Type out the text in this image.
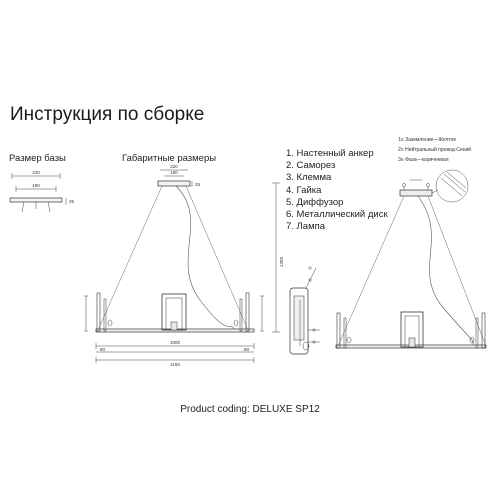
Инструкция по сборке
Размер базы	Габаритные размеры	1. Настенный анкер
2. Саморез
3. Клемма
4. Гайка
5. Диффузор
6. Металлический диск
7. Лампа
1≡ Заземление—Желтое
2≡ Нейтральный провод-Синий
3≡ Фаза—коричневая
220
190
25
220
190
25
1350
1000
80	80
1150
Product coding: DELUXE SP12
